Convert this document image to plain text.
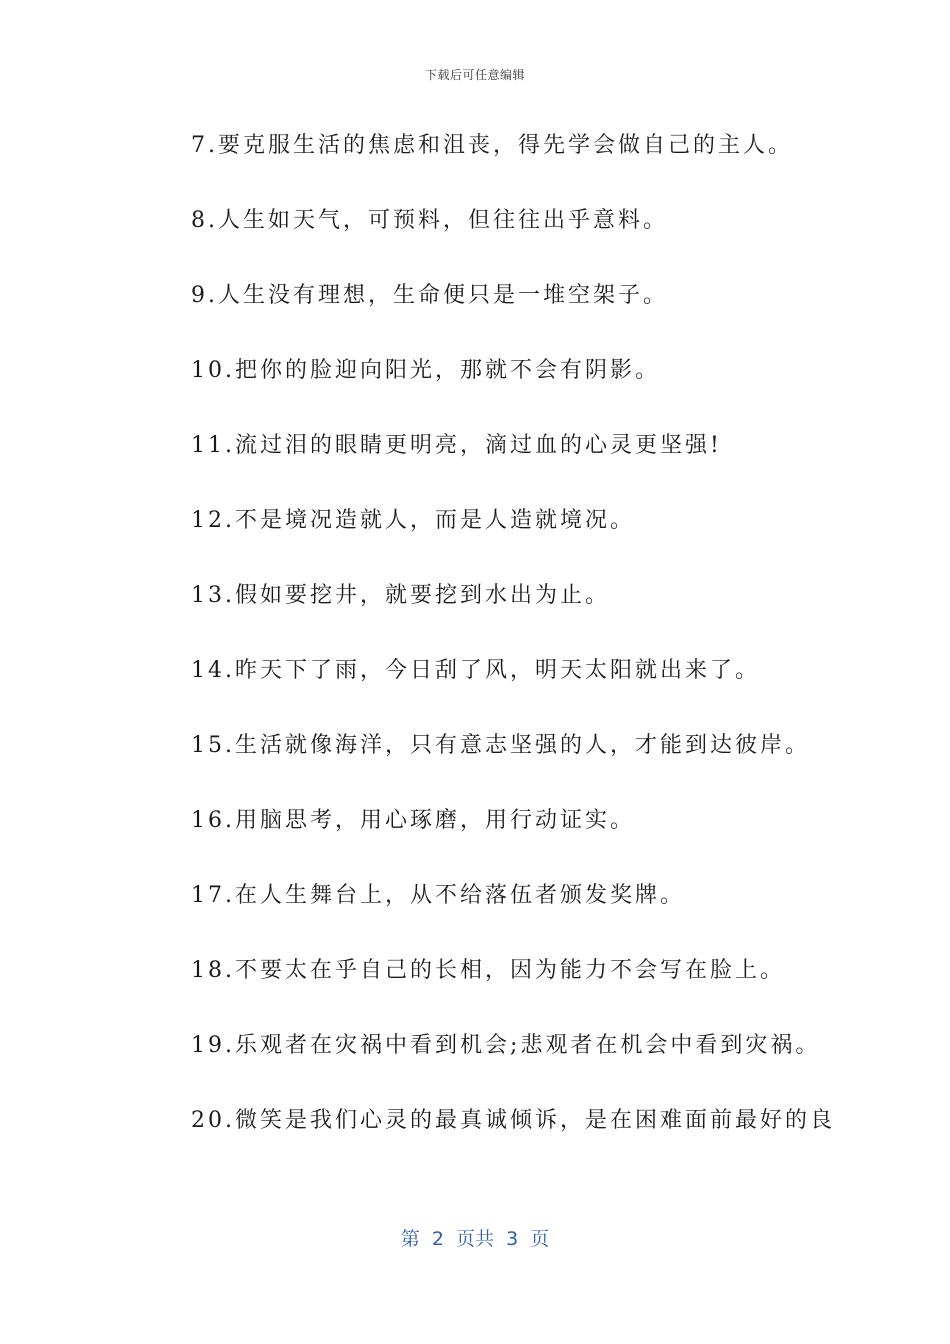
下载后可任意编辑
7.要克服生活的焦虑和沮丧，得先学会做自己的主人。
8.人生如天气，可预料，但往往出乎意料。
9.人生没有理想，生命便只是一堆空架子。
10.把你的脸迎向阳光，那就不会有阴影。
11.流过泪的眼睛更明亮，滴过血的心灵更坚强!
12.不是境况造就人，而是人造就境况。
13.假如要挖井，就要挖到水出为止。
14.昨天下了雨，今日刮了风，明天太阳就出来了。
15.生活就像海洋，只有意志坚强的人，才能到达彼岸。
16.用脑思考，用心琢磨，用行动证实。
17.在人生舞台上，从不给落伍者颁发奖牌。
18.不要太在乎自己的长相，因为能力不会写在脸上。
19.乐观者在灾祸中看到机会;悲观者在机会中看到灾祸。
20.微笑是我们心灵的最真诚倾诉，是在困难面前最好的良
第  2  页共  3  页
